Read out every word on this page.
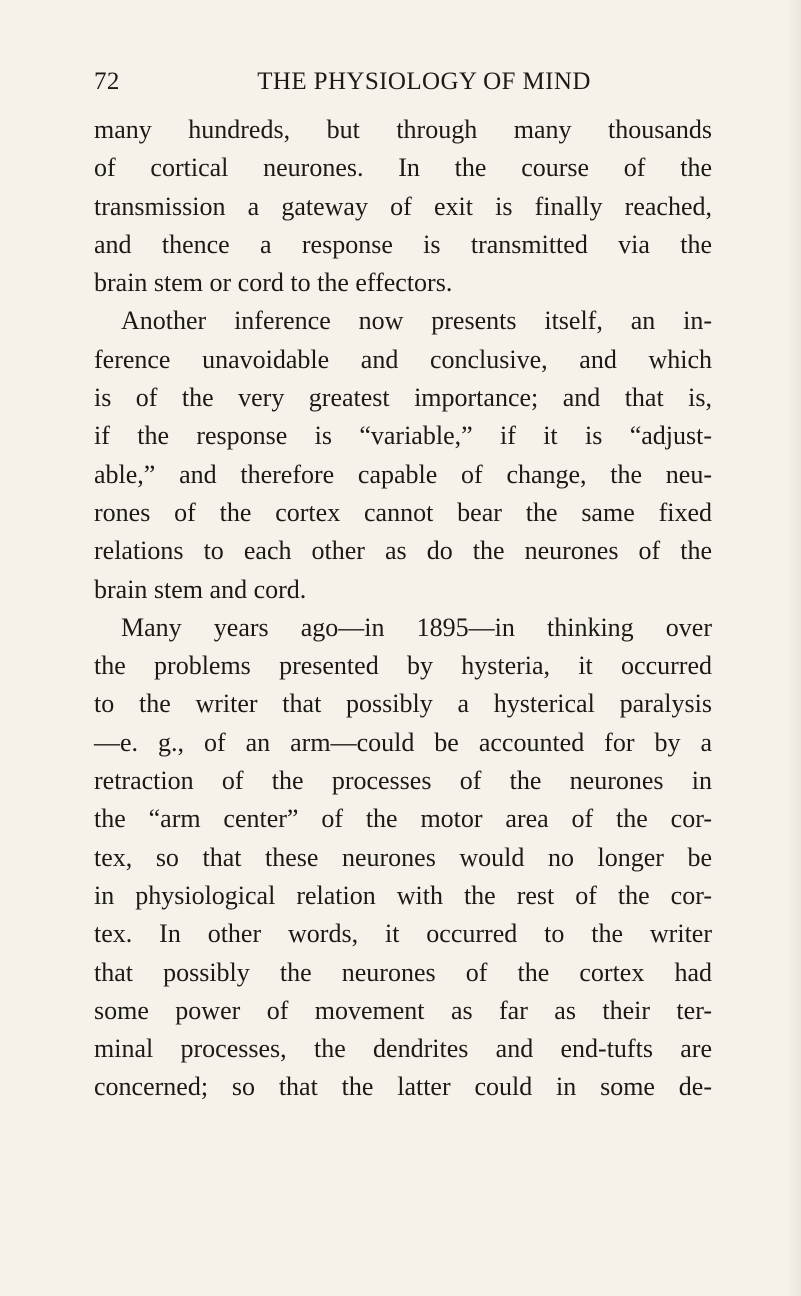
72	THE PHYSIOLOGY OF MIND
many hundreds, but through many thousands
of cortical neurones. In the course of the
transmission a gateway of exit is finally reached,
and thence a response is transmitted via the
brain stem or cord to the effectors.
Another inference now presents itself, an in-
ference unavoidable and conclusive, and which
is of the very greatest importance; and that is,
if the response is “variable,” if it is “adjust-
able,” and therefore capable of change, the neu-
rones of the cortex cannot bear the same fixed
relations to each other as do the neurones of the
brain stem and cord.
Many years ago—in 1895—in thinking over
the problems presented by hysteria, it occurred
to the writer that possibly a hysterical paralysis
—e. g., of an arm—could be accounted for by a
retraction of the processes of the neurones in
the “arm center” of the motor area of the cor-
tex, so that these neurones would no longer be
in physiological relation with the rest of the cor-
tex. In other words, it occurred to the writer
that possibly the neurones of the cortex had
some power of movement as far as their ter-
minal processes, the dendrites and end-tufts are
concerned; so that the latter could in some de-
